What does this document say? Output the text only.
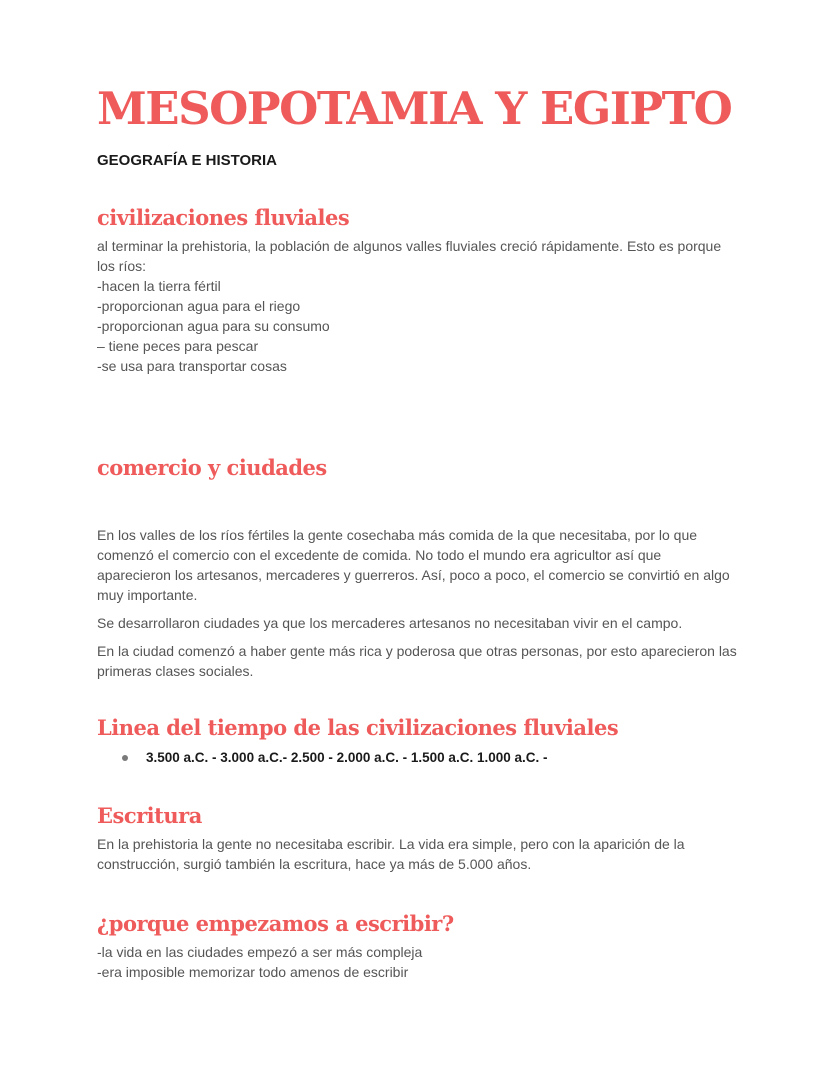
MESOPOTAMIA Y EGIPTO

GEOGRAFÍA E HISTORIA

civilizaciones fluviales

al terminar la prehistoria, la población de algunos valles fluviales creció rápidamente. Esto es porque los ríos:

-hacen la tierra fértil

-proporcionan agua para el riego

-proporcionan agua para su consumo

– tiene peces para pescar

-se usa para transportar cosas

comercio y ciudades

En los valles de los ríos fértiles la gente cosechaba más comida de la que necesitaba, por lo que comenzó el comercio con el excedente de comida. No todo el mundo era agricultor así que aparecieron los artesanos, mercaderes y guerreros. Así, poco a poco, el comercio se convirtió en algo muy importante.

Se desarrollaron ciudades ya que los mercaderes artesanos no necesitaban vivir en el campo.

En la ciudad comenzó a haber gente más rica y poderosa que otras personas, por esto aparecieron las primeras clases sociales.

Linea del tiempo de las civilizaciones fluviales
3.500 a.C. - 3.000 a.C.- 2.500 - 2.000 a.C. - 1.500 a.C. 1.000 a.C. -
Escritura

En la prehistoria la gente no necesitaba escribir. La vida era simple, pero con la aparición de la construcción, surgió también la escritura, hace ya más de 5.000 años.

¿porque empezamos a escribir?

-la vida en las ciudades empezó a ser más compleja

-era imposible memorizar todo amenos de escribir
